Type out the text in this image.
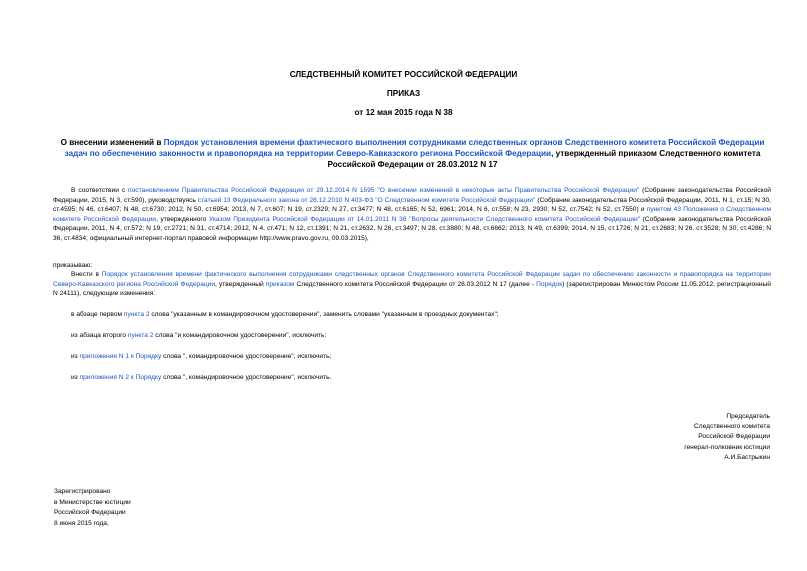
СЛЕДСТВЕННЫЙ КОМИТЕТ РОССИЙСКОЙ ФЕДЕРАЦИИ
ПРИКАЗ
от 12 мая 2015 года N 38
О внесении изменений в Порядок установления времени фактического выполнения сотрудниками следственных органов Следственного комитета Российской Федерации задач по обеспечению законности и правопорядка на территории Северо-Кавказского региона Российской Федерации, утвержденный приказом Следственного комитета Российской Федерации от 28.03.2012 N 17
В соответствии с постановлением Правительства Российской Федерации от 29.12.2014 N 1595 "О внесении изменений в некоторые акты Правительства Российской Федерации" (Собрание законодательства Российской Федерации, 2015, N 3, ст.590), руководствуясь статьей 13 Федерального закона от 28.12.2010 N 403-ФЗ "О Следственном комитете Российской Федерации" (Собрание законодательства Российской Федерации, 2011, N 1, ст.15; N 30, ст.4595; N 46, ст.6407; N 48, ст.6730; 2012, N 50, ст.6954; 2013, N 7, ст.607; N 19, ст.2329; N 27, ст.3477; N 48, ст.6165; N 52, 6961; 2014, N 6, ст.558; N 23, 2930; N 52, ст.7542; N 52, ст.7550) и пунктом 43 Положения о Следственном комитете Российской Федерации, утвержденного Указом Президента Российской Федерации от 14.01.2011 N 38 "Вопросы деятельности Следственного комитета Российской Федерации" (Собрание законодательства Российской Федерации, 2011, N 4, ст.572; N 19, ст.2721; N 31, ст.4714; 2012, N 4, ст.471; N 12, ст.1391; N 21, ст.2632, N 26, ст.3497; N 28, ст.3880; N 48, ст.6662; 2013, N 49, ст.6399; 2014, N 15, ст.1726; N 21, ст.2683; N 26, ст.3528; N 30, ст.4286; N 36, ст.4834; официальный интернет-портал правовой информации http://www.pravo.gov.ru, 09.03.2015),
приказываю:
Внести в Порядок установления времени фактического выполнения сотрудниками следственных органов Следственного комитета Российской Федерации задач по обеспечению законности и правопорядка на территории Северо-Кавказского региона Российской Федерации, утвержденный приказом Следственного комитета Российской Федерации от 28.03.2012 N 17 (далее - Порядок) (зарегистрирован Минюстом России 11.05.2012, регистрационный N 24111), следующие изменения:
в абзаце первом пункта 2 слова "указанным в командировочном удостоверении", заменить словами "указанным в проездных документах";
из абзаца второго пункта 2 слова "и командировочном удостоверении", исключить;
из приложения N 1 к Порядку слова ", командировочное удостоверение", исключить;
из приложения N 2 к Порядку слова ", командировочное удостоверение", исключить.
Председатель
Следственного комитета
Российской Федерации
генерал-полковник юстиции
А.И.Бастрыкин
Зарегистрировано
в Министерстве юстиции
Российской Федерации
8 июня 2015 года,
